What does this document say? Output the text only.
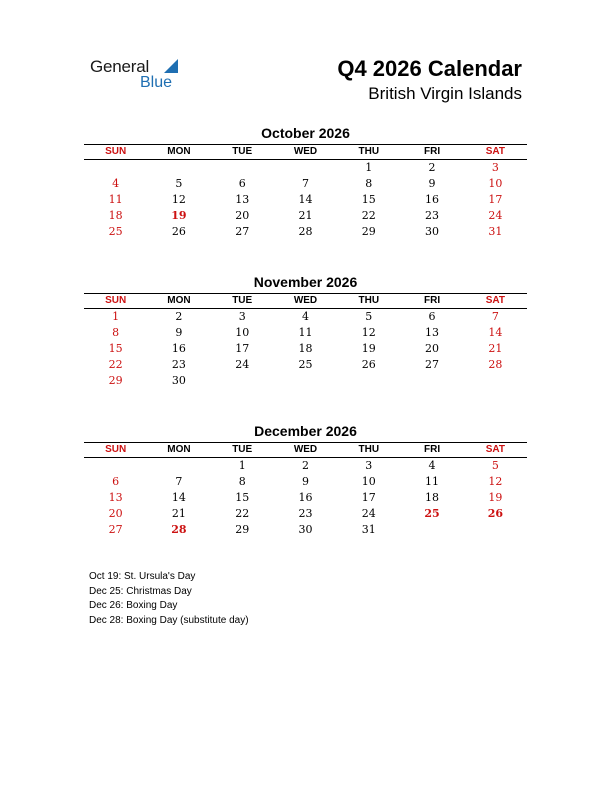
General
Blue
Q4 2026 Calendar
British Virgin Islands
October 2026
SUN	MON	TUE	WED	THU	FRI	SAT
				1	2	3
4	5	6	7	8	9	10
11	12	13	14	15	16	17
18	19	20	21	22	23	24
25	26	27	28	29	30	31
November 2026
SUN	MON	TUE	WED	THU	FRI	SAT
1	2	3	4	5	6	7
8	9	10	11	12	13	14
15	16	17	18	19	20	21
22	23	24	25	26	27	28
29	30					
December 2026
SUN	MON	TUE	WED	THU	FRI	SAT
		1	2	3	4	5
6	7	8	9	10	11	12
13	14	15	16	17	18	19
20	21	22	23	24	25	26
27	28	29	30	31		
Oct 19: St. Ursula's Day
Dec 25: Christmas Day
Dec 26: Boxing Day
Dec 28: Boxing Day (substitute day)
